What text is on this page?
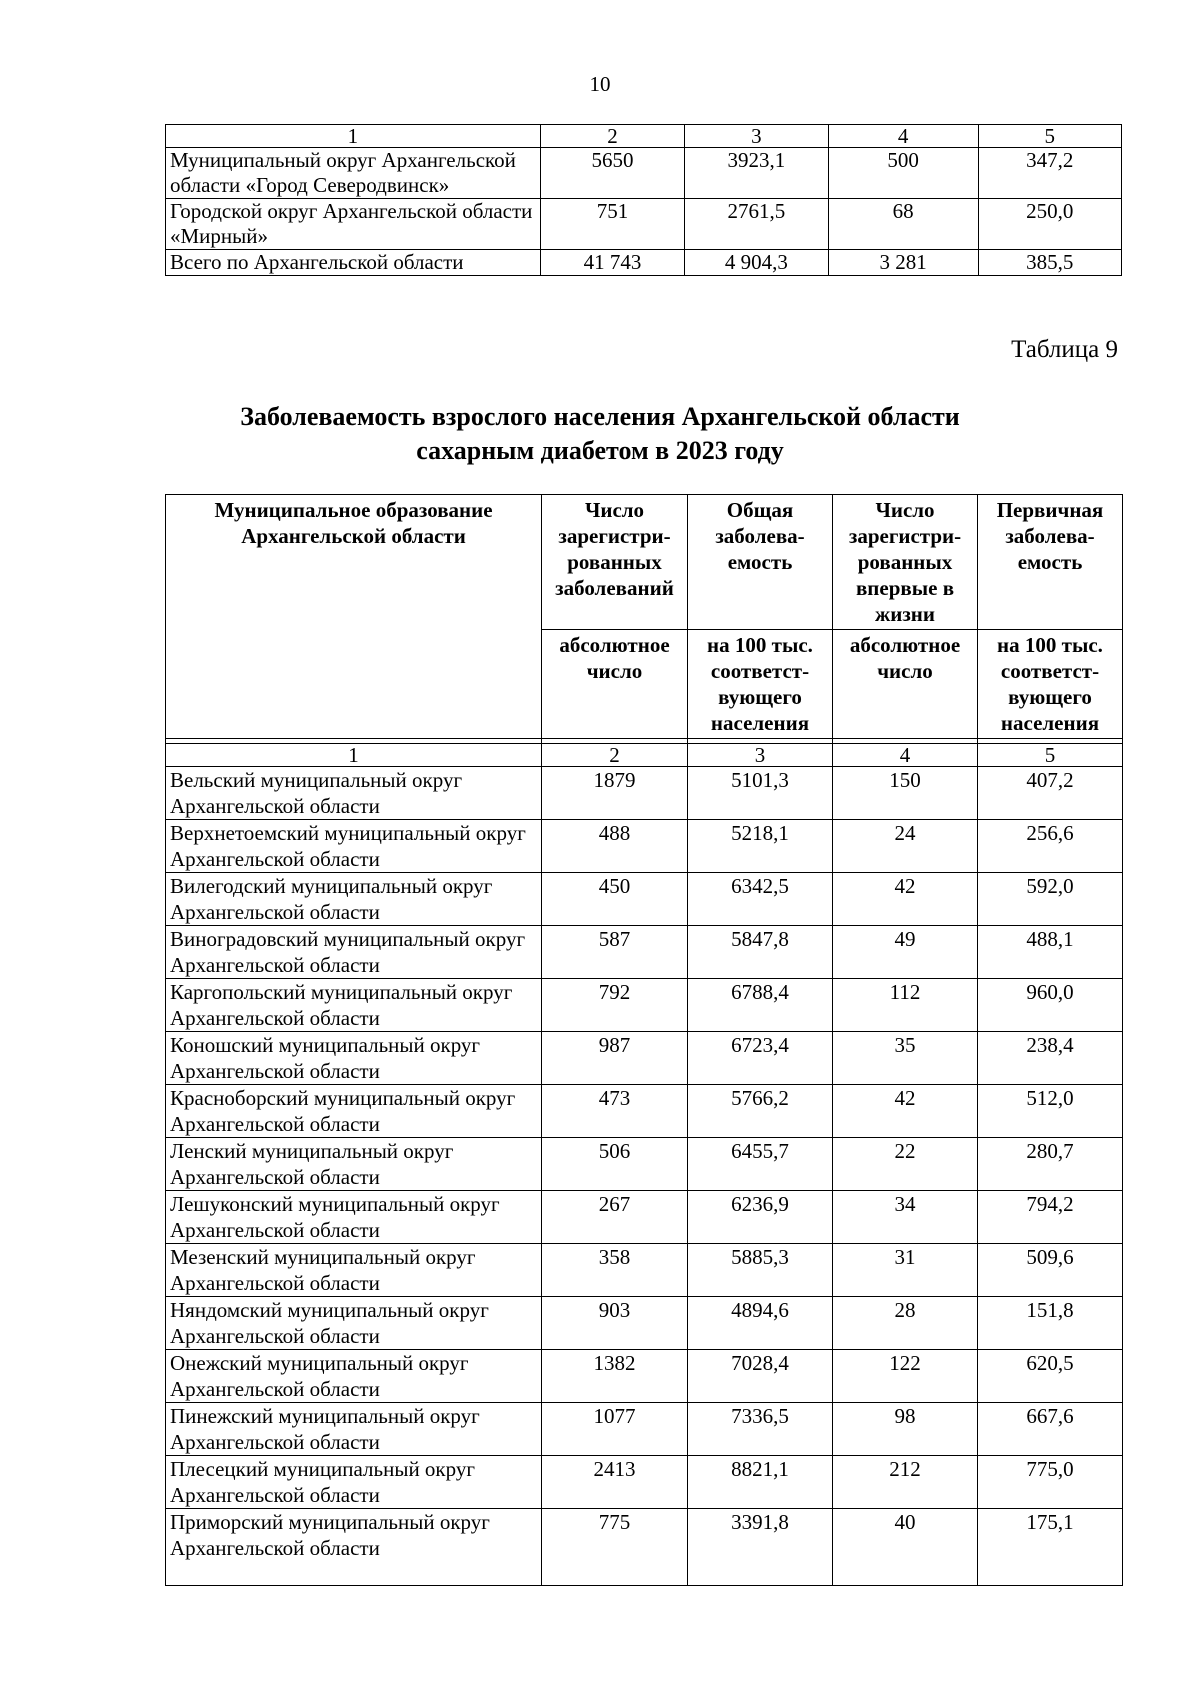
10
1	2	3	4	5
Муниципальный округ Архангельской области «Город Северодвинск»	5650	3923,1	500	347,2
Городской округ Архангельской области «Мирный»	751	2761,5	68	250,0
Всего по Архангельской области	41 743	4 904,3	3 281	385,5
Таблица 9
Заболеваемость взрослого населения Архангельской области
сахарным диабетом в 2023 году
Муниципальное образование Архангельской области	Число зарегистри-рованных заболеваний	Общая заболева-емость	Число зарегистри-рованных впервые в жизни	Первичная заболева-емость
	абсолютное число	на 100 тыс. соответст-вующего населения	абсолютное число	на 100 тыс. соответст-вующего населения

1	2	3	4	5
Вельский муниципальный округ Архангельской области	1879	5101,3	150	407,2
Верхнетоемский муниципальный округ Архангельской области	488	5218,1	24	256,6
Вилегодский муниципальный округ Архангельской области	450	6342,5	42	592,0
Виноградовский муниципальный округ Архангельской области	587	5847,8	49	488,1
Каргопольский муниципальный округ Архангельской области	792	6788,4	112	960,0
Коношский муниципальный округ Архангельской области	987	6723,4	35	238,4
Красноборский муниципальный округ Архангельской области	473	5766,2	42	512,0
Ленский муниципальный округ Архангельской области	506	6455,7	22	280,7
Лешуконский муниципальный округ Архангельской области	267	6236,9	34	794,2
Мезенский муниципальный округ Архангельской области	358	5885,3	31	509,6
Няндомский муниципальный округ Архангельской области	903	4894,6	28	151,8
Онежский муниципальный округ Архангельской области	1382	7028,4	122	620,5
Пинежский муниципальный округ Архангельской области	1077	7336,5	98	667,6
Плесецкий муниципальный округ Архангельской области	2413	8821,1	212	775,0
Приморский муниципальный округ Архангельской области	775	3391,8	40	175,1
